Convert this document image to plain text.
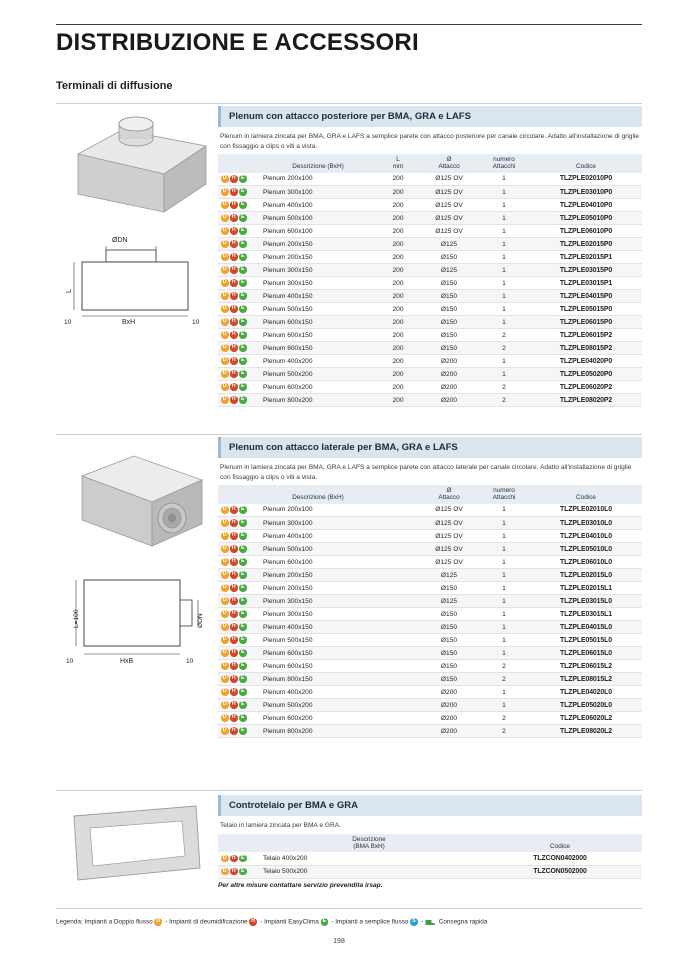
DISTRIBUZIONE E ACCESSORI
Terminali di diffusione
ØDN
L
10	BxH	10
Plenum con attacco posteriore per BMA, GRA e LAFS
Plenum in lamiera zincata per BMA, GRA e LAFS a semplice parete con attacco posteriore per canale circolare. Adatto all'installazione di griglie con fissaggio a clips o viti a vista.
	Descrizione (BxH)	
L
mm

Ø
Attacco

numero
Attacchi	Codice
D H E	Plenum 200x100	200	Ø125 OV	1	TLZPLE02010P0
D H E	Plenum 300x100	200	Ø125 OV	1	TLZPLE03010P0
D H E	Plenum 400x100	200	Ø125 OV	1	TLZPLE04010P0
D H E	Plenum 500x100	200	Ø125 OV	1	TLZPLE05010P0
D H E	Plenum 600x100	200	Ø125 OV	1	TLZPLE06010P0
D H E	Plenum 200x150	200	Ø125	1	TLZPLE02015P0
D H E	Plenum 200x150	200	Ø150	1	TLZPLE02015P1
D H E	Plenum 300x150	200	Ø125	1	TLZPLE03015P0
D H E	Plenum 300x150	200	Ø150	1	TLZPLE03015P1
D H E	Plenum 400x150	200	Ø150	1	TLZPLE04015P0
D H E	Plenum 500x150	200	Ø150	1	TLZPLE05015P0
D H E	Plenum 600x150	200	Ø150	1	TLZPLE06015P0
D H E	Plenum 600x150	200	Ø150	2	TLZPLE06015P2
D H E	Plenum 800x150	200	Ø150	2	TLZPLE08015P2
D H E	Plenum 400x200	200	Ø200	1	TLZPLE04020P0
D H E	Plenum 500x200	200	Ø200	1	TLZPLE05020P0
D H E	Plenum 600x200	200	Ø200	2	TLZPLE06020P2
D H E	Plenum 800x200	200	Ø200	2	TLZPLE08020P2
ØDN
L=100
10	HxB	10
Plenum con attacco laterale per BMA, GRA e LAFS
Plenum in lamiera zincata per BMA, GRA e LAFS a semplice parete con attacco laterale per canale circolare. Adatto all'installazione di griglie con fissaggio a clips o viti a vista.
	Descrizione (BxH)		
Ø
Attacco

numero
Attacchi	Codice
D H E	Plenum 200x100		Ø125 OV	1	TLZPLE02010L0
D H E	Plenum 300x100		Ø125 OV	1	TLZPLE03010L0
D H E	Plenum 400x100		Ø125 OV	1	TLZPLE04010L0
D H E	Plenum 500x100		Ø125 OV	1	TLZPLE05010L0
D H E	Plenum 600x100		Ø125 OV	1	TLZPLE06010L0
D H E	Plenum 200x150		Ø125	1	TLZPLE02015L0
D H E	Plenum 200x150		Ø150	1	TLZPLE02015L1
D H E	Plenum 300x150		Ø125	1	TLZPLE03015L0
D H E	Plenum 300x150		Ø150	1	TLZPLE03015L1
D H E	Plenum 400x150		Ø150	1	TLZPLE04015L0
D H E	Plenum 500x150		Ø150	1	TLZPLE05015L0
D H E	Plenum 600x150		Ø150	1	TLZPLE06015L0
D H E	Plenum 600x150		Ø150	2	TLZPLE06015L2
D H E	Plenum 800x150		Ø150	2	TLZPLE08015L2
D H E	Plenum 400x200		Ø200	1	TLZPLE04020L0
D H E	Plenum 500x200		Ø200	1	TLZPLE05020L0
D H E	Plenum 600x200		Ø200	2	TLZPLE06020L2
D H E	Plenum 800x200		Ø200	2	TLZPLE08020L2
Controtelaio per BMA e GRA
Telaio in lamiera zincata per BMA e GRA.

	Descrizione
(BMA BxH)	Codice
D H E	Telaio 400x200	TLZCON0402000
D H E	Telaio 500x200	TLZCON0502000
Per altre misure contattare servizio prevendita irsap.
Legenda: Impianti a Doppio flusso D - Impianti di deumidificazione H - Impianti EasyClima E - Impianti a semplice flusso S - Consegna rapida
198
